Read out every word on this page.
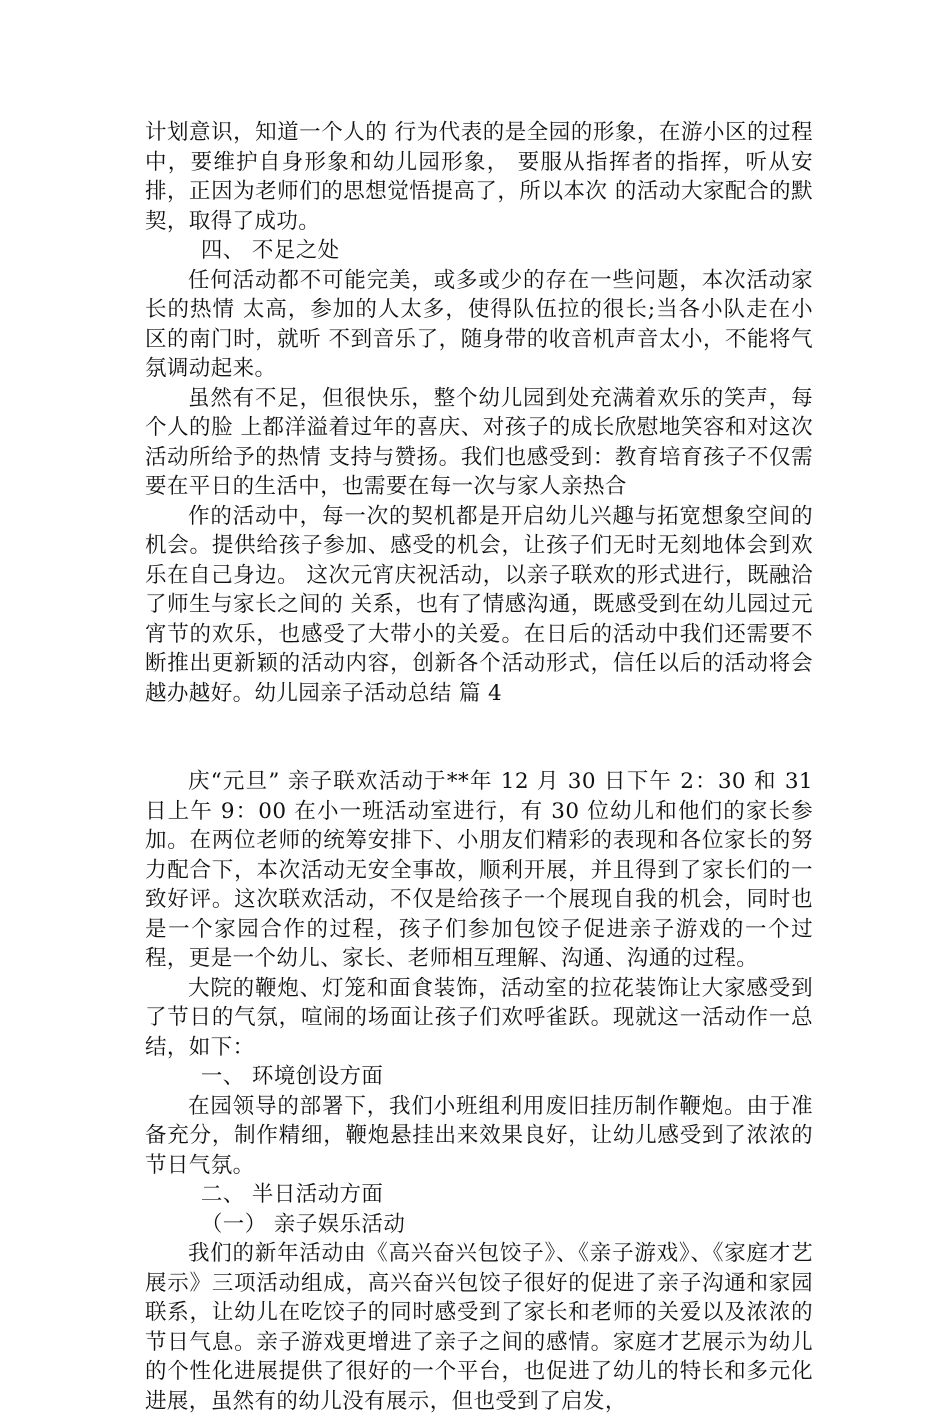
计划意识，知道一个人的 行为代表的是全园的形象，在游小区的过程中，要维护自身形象和幼儿园形象， 要服从指挥者的指挥，听从安排，正因为老师们的思想觉悟提高了，所以本次 的活动大家配合的默契，取得了成功。

四、 不足之处

任何活动都不可能完美，或多或少的存在一些问题，本次活动家长的热情 太高，参加的人太多，使得队伍拉的很长;当各小队走在小区的南门时，就听 不到音乐了，随身带的收音机声音太小，不能将气氛调动起来。

虽然有不足，但很快乐，整个幼儿园到处充满着欢乐的笑声，每个人的脸 上都洋溢着过年的喜庆、对孩子的成长欣慰地笑容和对这次活动所给予的热情 支持与赞扬。我们也感受到：教育培育孩子不仅需要在平日的生活中，也需要在每一次与家人亲热合

作的活动中，每一次的契机都是开启幼儿兴趣与拓宽想象空间的机会。提供给孩子参加、感受的机会，让孩子们无时无刻地体会到欢乐在自己身边。 这次元宵庆祝活动，以亲子联欢的形式进行，既融洽了师生与家长之间的 关系，也有了情感沟通，既感受到在幼儿园过元宵节的欢乐，也感受了大带小的关爱。在日后的活动中我们还需要不断推出更新颖的活动内容，创新各个活动形式，信任以后的活动将会越办越好。幼儿园亲子活动总结 篇 4

庆“元旦” 亲子联欢活动于**年 12 月 30 日下午 2：30 和 31 日上午 9：00 在小一班活动室进行，有 30 位幼儿和他们的家长参加。在两位老师的统筹安排下、小朋友们精彩的表现和各位家长的努力配合下，本次活动无安全事故，顺利开展，并且得到了家长们的一致好评。这次联欢活动，不仅是给孩子一个展现自我的机会，同时也是一个家园合作的过程，孩子们参加包饺子促进亲子游戏的一个过程，更是一个幼儿、家长、老师相互理解、沟通、沟通的过程。

大院的鞭炮、灯笼和面食装饰，活动室的拉花装饰让大家感受到了节日的气氛，喧闹的场面让孩子们欢呼雀跃。现就这一活动作一总结，如下：

一、 环境创设方面

在园领导的部署下，我们小班组利用废旧挂历制作鞭炮。由于准备充分，制作精细，鞭炮悬挂出来效果良好，让幼儿感受到了浓浓的节日气氛。

二、 半日活动方面

（一） 亲子娱乐活动

我们的新年活动由《高兴奋兴包饺子》、《亲子游戏》、《家庭才艺展示》三项活动组成，高兴奋兴包饺子很好的促进了亲子沟通和家园联系，让幼儿在吃饺子的同时感受到了家长和老师的关爱以及浓浓的节日气息。亲子游戏更增进了亲子之间的感情。家庭才艺展示为幼儿的个性化进展提供了很好的一个平台，也促进了幼儿的特长和多元化进展，虽然有的幼儿没有展示，但也受到了启发，
